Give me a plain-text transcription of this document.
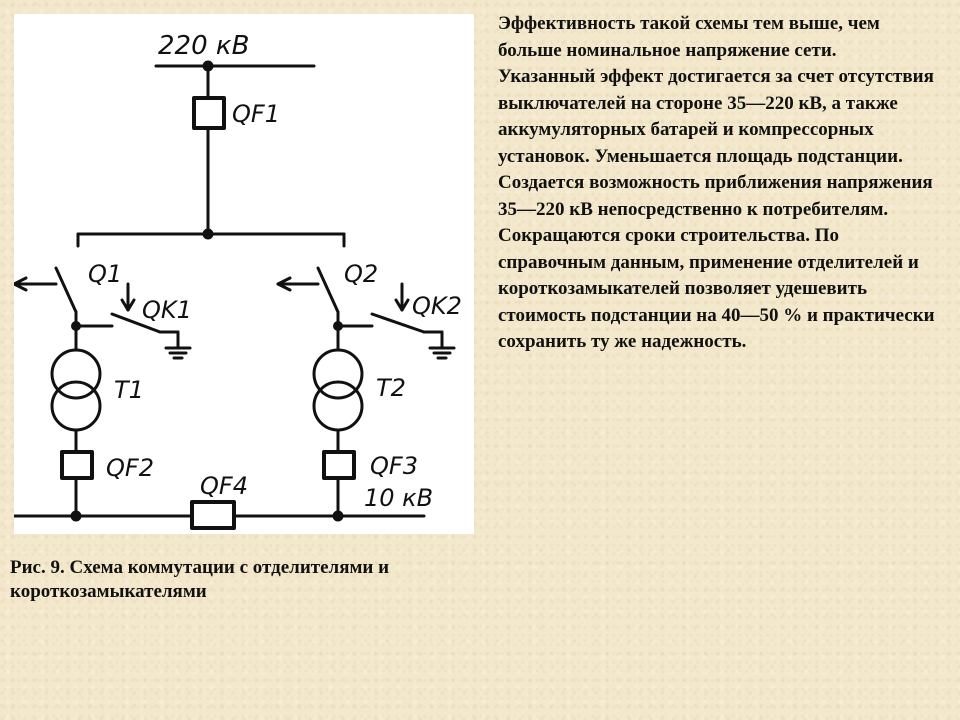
220 кВ
QF1
Q1	Q2
QK1	QK2
T1	T2
QF2	QF3
QF4	10 кВ

Рис. 9. Схема коммутации с отделителями и короткозамыкателями

Эффективность такой схемы тем выше, чем больше номинальное напряжение сети. Указанный эффект достигается за счет отсутствия выключателей на стороне 35—220 кВ, а также аккумуляторных батарей и компрессорных установок. Уменьшается площадь подстанции. Создается возможность приближения напряжения 35—220 кВ непосредственно к потребителям. Сокращаются сроки строительства. По справочным данным, применение отделителей и короткозамыкателей позволяет удешевить стоимость подстанции на 40—50 % и практически сохранить ту же надежность.
